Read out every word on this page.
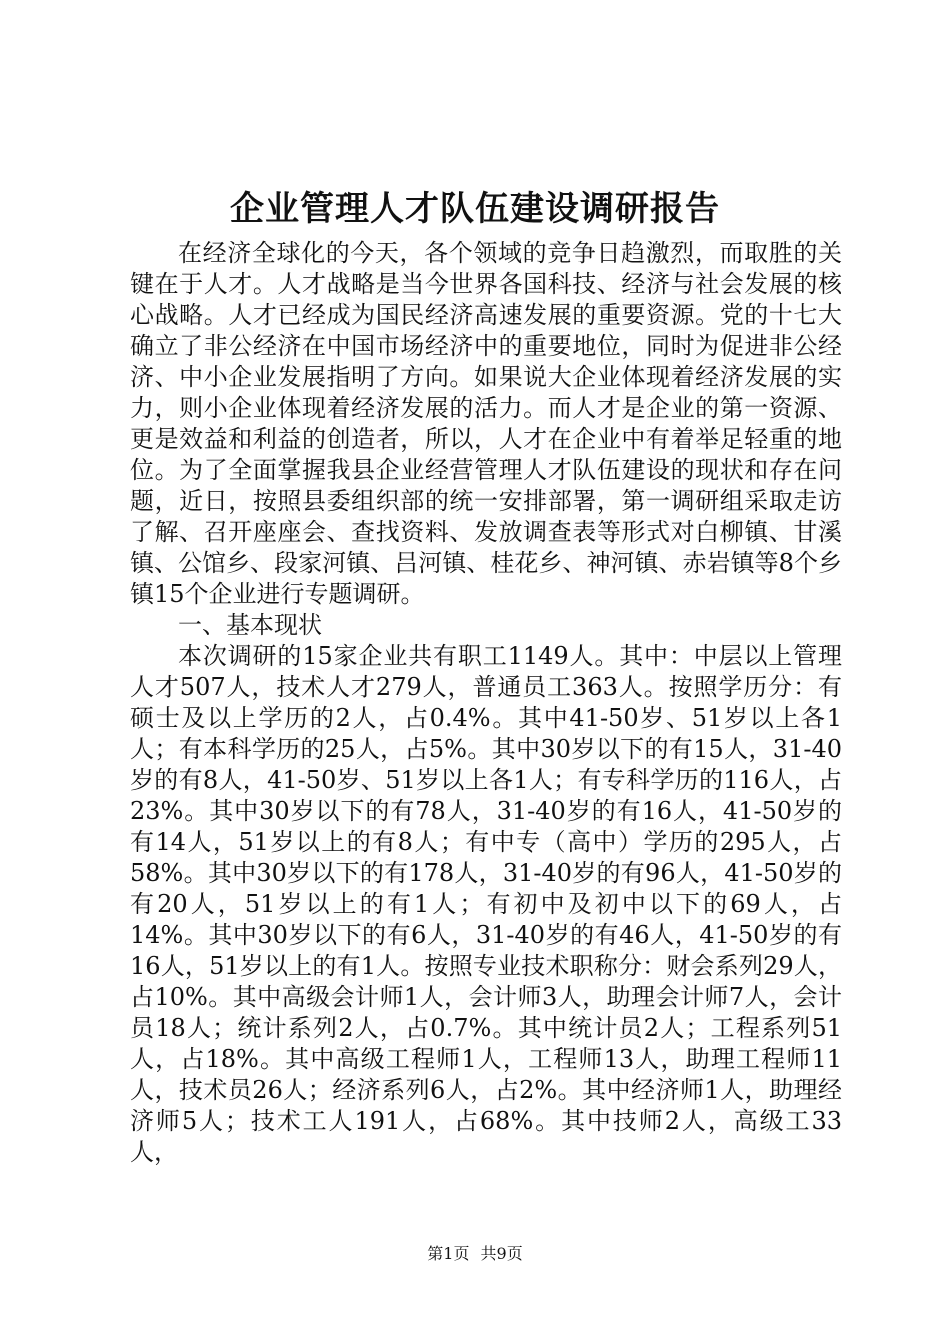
企业管理人才队伍建设调研报告

在经济全球化的今天，各个领域的竞争日趋激烈，而取胜的关键在于人才。人才战略是当今世界各国科技、经济与社会发展的核心战略。人才已经成为国民经济高速发展的重要资源。党的十七大确立了非公经济在中国市场经济中的重要地位，同时为促进非公经济、中小企业发展指明了方向。如果说大企业体现着经济发展的实力，则小企业体现着经济发展的活力。而人才是企业的第一资源、更是效益和利益的创造者，所以，人才在企业中有着举足轻重的地位。为了全面掌握我县企业经营管理人才队伍建设的现状和存在问题，近日，按照县委组织部的统一安排部署，第一调研组采取走访了解、召开座座会、查找资料、发放调查表等形式对白柳镇、甘溪镇、公馆乡、段家河镇、吕河镇、桂花乡、神河镇、赤岩镇等8个乡镇15个企业进行专题调研。

一、基本现状

本次调研的15家企业共有职工1149人。其中：中层以上管理人才507人，技术人才279人，普通员工363人。按照学历分：有硕士及以上学历的2人，占0.4%。其中41-50岁、51岁以上各1人；有本科学历的25人，占5%。其中30岁以下的有15人，31-40岁的有8人，41-50岁、51岁以上各1人；有专科学历的116人，占23%。其中30岁以下的有78人，31-40岁的有16人，41-50岁的有14人，51岁以上的有8人；有中专（高中）学历的295人，占58%。其中30岁以下的有178人，31-40岁的有96人，41-50岁的有20人，51岁以上的有1人；有初中及初中以下的69人，占14%。其中30岁以下的有6人，31-40岁的有46人，41-50岁的有16人，51岁以上的有1人。按照专业技术职称分：财会系列29人，占10%。其中高级会计师1人，会计师3人，助理会计师7人，会计员18人；统计系列2人，占0.7%。其中统计员2人；工程系列51人，占18%。其中高级工程师1人，工程师13人，助理工程师11人，技术员26人；经济系列6人，占2%。其中经济师1人，助理经济师5人；技术工人191人，占68%。其中技师2人，高级工33人，

第1页 共9页
